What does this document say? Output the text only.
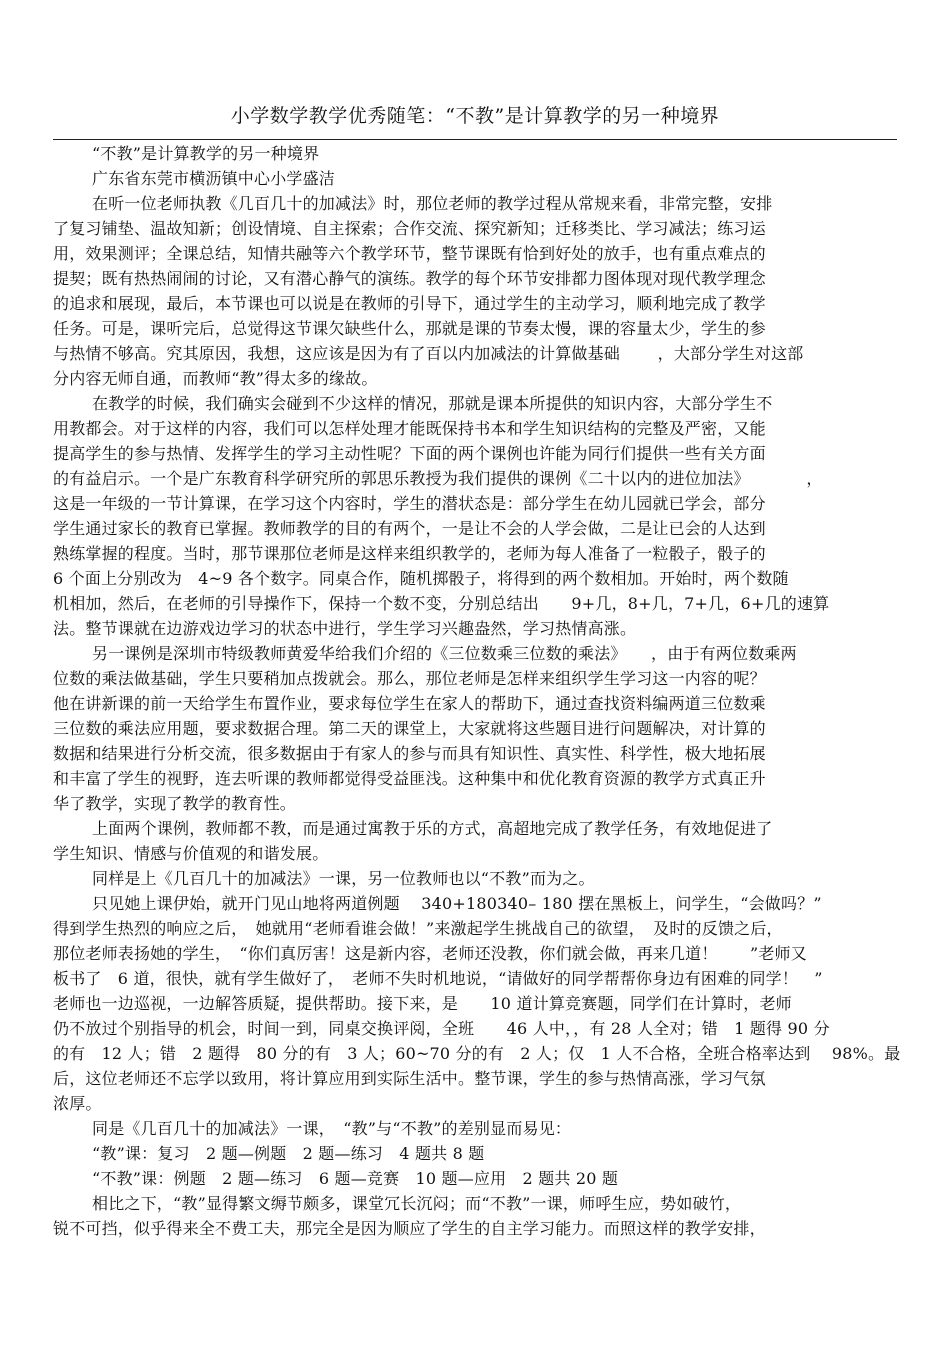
小学数学教学优秀随笔：“不教”是计算教学的另一种境界
“不教”是计算教学的另一种境界
广东省东莞市横沥镇中心小学盛洁
在听一位老师执教《几百几十的加减法》时，那位老师的教学过程从常规来看，非常完整，安排
了复习铺垫、温故知新；创设情境、自主探索；合作交流、探究新知；迁移类比、学习减法；练习运
用，效果测评；全课总结，知情共融等六个教学环节，整节课既有恰到好处的放手，也有重点难点的
提契；既有热热闹闹的讨论，又有潜心静气的演练。教学的每个环节安排都力图体现对现代教学理念
的追求和展现，最后，本节课也可以说是在教师的引导下，通过学生的主动学习，顺利地完成了教学
任务。可是，课听完后，总觉得这节课欠缺些什么，那就是课的节奏太慢，课的容量太少，学生的参
与热情不够高。究其原因，我想，这应该是因为有了百以内加减法的计算做基础　　 ，大部分学生对这部
分内容无师自通，而教师“教”得太多的缘故。
在教学的时候，我们确实会碰到不少这样的情况，那就是课本所提供的知识内容，大部分学生不
用教都会。对于这样的内容，我们可以怎样处理才能既保持书本和学生知识结构的完整及严密，又能
提高学生的参与热情、发挥学生的学习主动性呢？下面的两个课例也许能为同行们提供一些有关方面
的有益启示。一个是广东教育科学研究所的郭思乐教授为我们提供的课例《二十以内的进位加法》　　　　，
这是一年级的一节计算课，在学习这个内容时，学生的潜状态是：部分学生在幼儿园就已学会，部分
学生通过家长的教育已掌握。教师教学的目的有两个，一是让不会的人学会做，二是让已会的人达到
熟练掌握的程度。当时，那节课那位老师是这样来组织教学的，老师为每人准备了一粒骰子，骰子的
6 个面上分别改为　4~9 各个数字。同桌合作，随机掷骰子，将得到的两个数相加。开始时，两个数随
机相加，然后，在老师的引导操作下，保持一个数不变，分别总结出　　9+几，8+几，7+几，6+几的速算
法。整节课就在边游戏边学习的状态中进行，学生学习兴趣盎然，学习热情高涨。
另一课例是深圳市特级教师黄爱华给我们介绍的《三位数乘三位数的乘法》　　，由于有两位数乘两
位数的乘法做基础，学生只要稍加点拨就会。那么，那位老师是怎样来组织学生学习这一内容的呢？
他在讲新课的前一天给学生布置作业，要求每位学生在家人的帮助下，通过查找资料编两道三位数乘
三位数的乘法应用题，要求数据合理。第二天的课堂上，大家就将这些题目进行问题解决，对计算的
数据和结果进行分析交流，很多数据由于有家人的参与而具有知识性、真实性、科学性，极大地拓展
和丰富了学生的视野，连去听课的教师都觉得受益匪浅。这种集中和优化教育资源的教学方式真正升
华了教学，实现了教学的教育性。
上面两个课例，教师都不教，而是通过寓教于乐的方式，高超地完成了教学任务，有效地促进了
学生知识、情感与价值观的和谐发展。
同样是上《几百几十的加减法》一课，另一位教师也以“不教”而为之。
只见她上课伊始，就开门见山地将两道例题　 340+180340– 180 摆在黑板上，问学生，“会做吗？”
得到学生热烈的响应之后，　她就用“老师看谁会做！”来激起学生挑战自己的欲望，　及时的反馈之后，
那位老师表扬她的学生，　“你们真厉害！这是新内容，老师还没教，你们就会做，再来几道！　　”老师又
板书了　6 道，很快，就有学生做好了，　老师不失时机地说，“请做好的同学帮帮你身边有困难的同学！　”
老师也一边巡视，一边解答质疑，提供帮助。接下来，是　　10 道计算竞赛题，同学们在计算时，老师
仍不放过个别指导的机会，时间一到，同桌交换评阅，全班　　46 人中，，有 28 人全对；错　1 题得 90 分
的有　12 人；错　2 题得　80 分的有　3 人；60~70 分的有　2 人；仅　1 人不合格，全班合格率达到　 98%。最
后，这位老师还不忘学以致用，将计算应用到实际生活中。整节课，学生的参与热情高涨，学习气氛
浓厚。
同是《几百几十的加减法》一课，　“教”与“不教”的差别显而易见：
“教”课：复习　2 题—例题　2 题—练习　4 题共 8 题
“不教”课：例题　2 题—练习　6 题—竞赛　10 题—应用　2 题共 20 题
相比之下，“教”显得繁文缛节颇多，课堂冗长沉闷；而“不教”一课，师呼生应，势如破竹，
锐不可挡，似乎得来全不费工夫，那完全是因为顺应了学生的自主学习能力。而照这样的教学安排，
